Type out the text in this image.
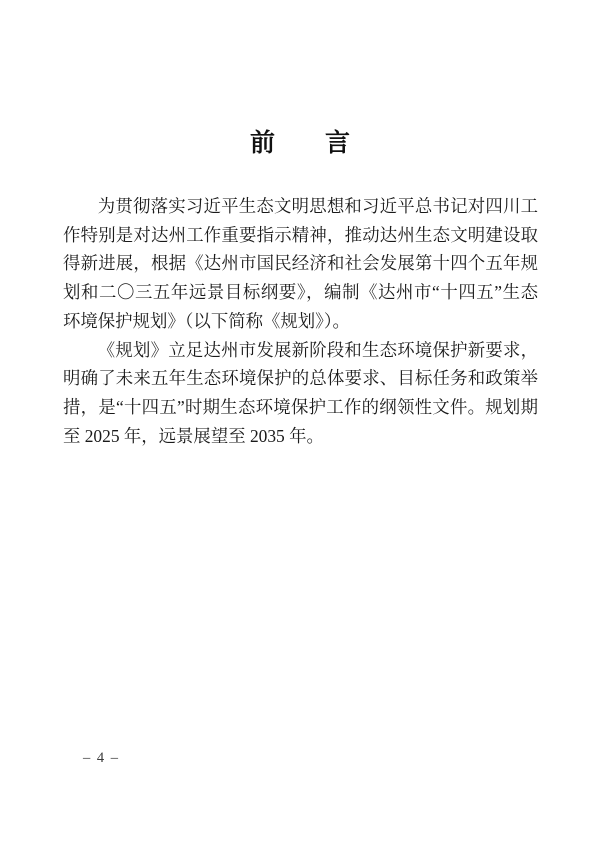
前　　言

为贯彻落实习近平生态文明思想和习近平总书记对四川工作特别是对达州工作重要指示精神，推动达州生态文明建设取得新进展，根据《达州市国民经济和社会发展第十四个五年规划和二〇三五年远景目标纲要》，编制《达州市“十四五”生态环境保护规划》（以下简称《规划》）。

《规划》立足达州市发展新阶段和生态环境保护新要求，明确了未来五年生态环境保护的总体要求、目标任务和政策举措，是“十四五”时期生态环境保护工作的纲领性文件。规划期至 2025 年，远景展望至 2035 年。

– 4 –
